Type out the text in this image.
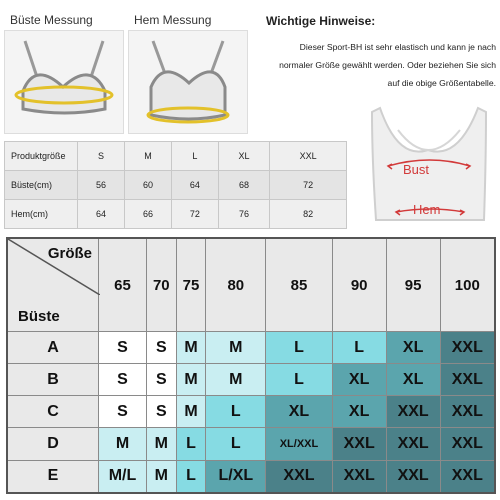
Büste Messung	Hem Messung	Wichtige Hinweise:
Dieser Sport-BH ist sehr elastisch und kann je nach normaler Größe gewählt werden. Oder beziehen Sie sich auf die obige Größentabelle.
Bust
Hem
Produktgröße	S	M	L	XL	XXL
Büste(cm)	56	60	64	68	72
Hem(cm)	64	66	72	76	82
Größe
Büste	65	70	75	80	85	90	95	100
A	S	S	M	M	L	L	XL	XXL
B	S	S	M	M	L	XL	XL	XXL
C	S	S	M	L	XL	XL	XXL	XXL
D	M	M	L	L	XL/XXL	XXL	XXL	XXL
E	M/L	M	L	L/XL	XXL	XXL	XXL	XXL
